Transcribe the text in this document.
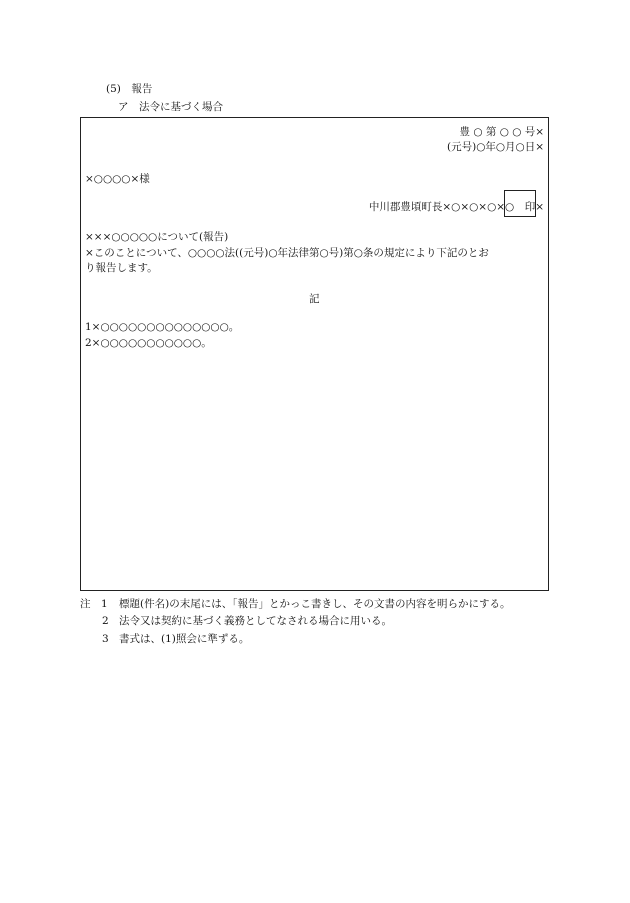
(5)　報告
ア　法令に基づく場合
豊 ○ 第 ○ ○ 号×
(元号)○年○月○日×
×○○○○×様
中川郡豊頃町長×○×○×○×○　印×
×××○○○○○について(報告)
×このことについて、○○○○法((元号)○年法律第○号)第○条の規定により下記のとお
り報告します。
記
1×○○○○○○○○○○○○○○。
2×○○○○○○○○○○○。
注　1 標題(件名)の末尾には、「報告」とかっこ書きし、その文書の内容を明らかにする。
2 法令又は契約に基づく義務としてなされる場合に用いる。
3 書式は、(1)照会に準ずる。
